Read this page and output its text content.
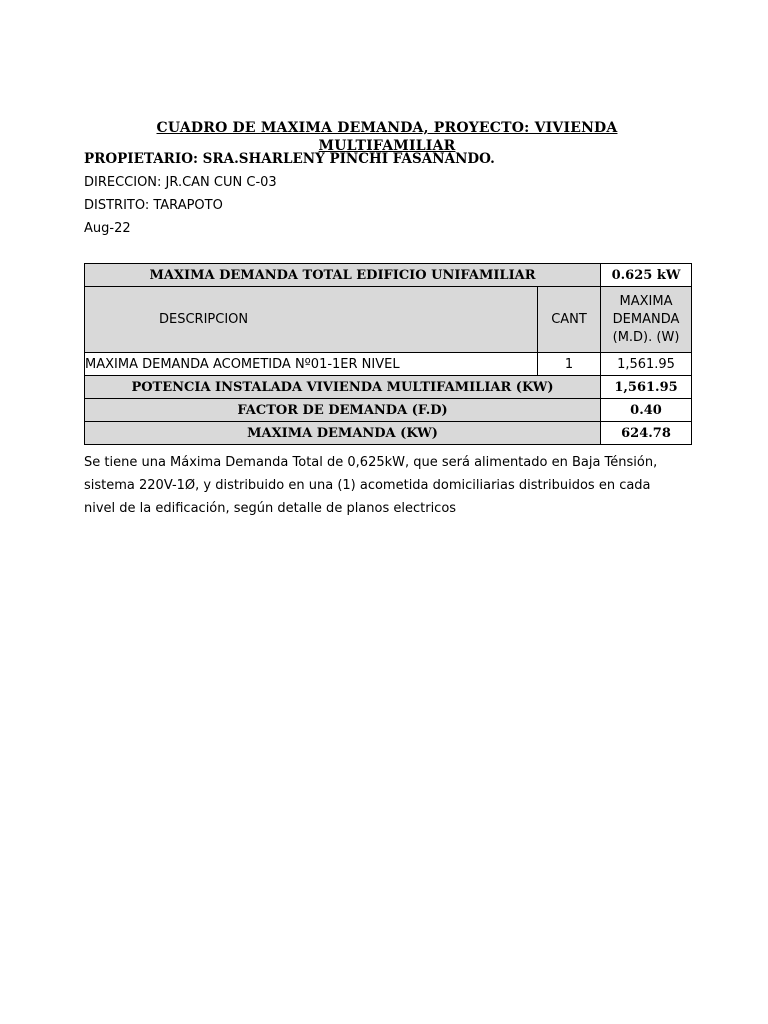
CUADRO DE MAXIMA DEMANDA, PROYECTO: VIVIENDA
MULTIFAMILIAR
PROPIETARIO: SRA.SHARLENY PINCHI FASANANDO.
DIRECCION: JR.CAN CUN C-03
DISTRITO: TARAPOTO
Aug-22
MAXIMA DEMANDA TOTAL EDIFICIO UNIFAMILIAR		0.625 kW
DESCRIPCION	CANT	MAXIMA
DEMANDA
(M.D). (W)

MAXIMA DEMANDA ACOMETIDA Nº01-1ER NIVEL	1	1,561.95
POTENCIA INSTALADA VIVIENDA MULTIFAMILIAR (KW)		1,561.95
FACTOR DE DEMANDA (F.D)		0.40
MAXIMA DEMANDA (KW)		624.78

Se tiene una Máxima Demanda Total de 0,625kW, que será alimentado en Baja Ténsión,

sistema 220V-1Ø, y distribuido en una (1) acometida domiciliarias distribuidos en cada

nivel de la edificación, según detalle de planos electricos
